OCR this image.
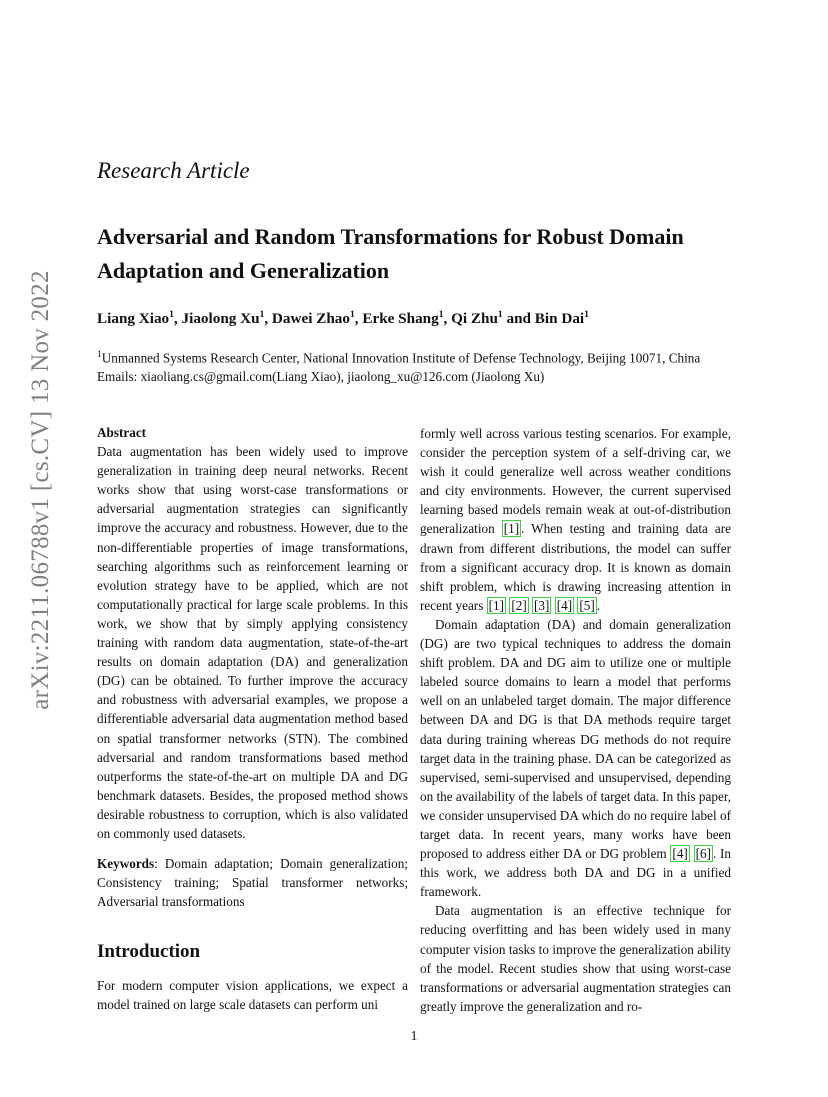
arXiv:2211.06788v1 [cs.CV] 13 Nov 2022
Research Article
Adversarial and Random Transformations for Robust Domain Adaptation and Generalization
Liang Xiao$^1$, Jiaolong Xu$^1$, Dawei Zhao$^1$, Erke Shang$^1$, Qi Zhu$^1$ and Bin Dai$^1$
$^1$Unmanned Systems Research Center, National Innovation Institute of Defense Technology, Beijing 10071, China
Emails: xiaoliang.cs@gmail.com(Liang Xiao), jiaolong_xu@126.com (Jiaolong Xu)
Abstract

Data augmentation has been widely used to improve generalization in training deep neural networks. Recent works show that using worst-case transformations or adversarial augmentation strategies can significantly improve the accuracy and robustness. However, due to the non-differentiable properties of image transformations, searching algorithms such as reinforcement learning or evolution strategy have to be applied, which are not computationally practical for large scale problems. In this work, we show that by simply applying consistency training with random data augmentation, state-of-the-art results on domain adaptation (DA) and generalization (DG) can be obtained. To further improve the accuracy and robustness with adversarial examples, we propose a differentiable adversarial data augmentation method based on spatial transformer networks (STN). The combined adversarial and random transformations based method outperforms the state-of-the-art on multiple DA and DG benchmark datasets. Besides, the proposed method shows desirable robustness to corruption, which is also validated on commonly used datasets.

Keywords: Domain adaptation; Domain generalization; Consistency training; Spatial transformer networks; Adversarial transformations

Introduction

For modern computer vision applications, we expect a model trained on large scale datasets can perform uni

formly well across various testing scenarios. For example, consider the perception system of a self-driving car, we wish it could generalize well across weather conditions and city environments. However, the current supervised learning based models remain weak at out-of-distribution generalization [1] . When testing and training data are drawn from different distributions, the model can suffer from a significant accuracy drop. It is known as domain shift problem, which is drawing increasing attention in recent years [1] [2] [3] [4] [5] .

Domain adaptation (DA) and domain generalization (DG) are two typical techniques to address the domain shift problem. DA and DG aim to utilize one or multiple labeled source domains to learn a model that performs well on an unlabeled target domain. The major difference between DA and DG is that DA methods require target data during training whereas DG methods do not require target data in the training phase. DA can be categorized as supervised, semi-supervised and unsupervised, depending on the availability of the labels of target data. In this paper, we consider unsupervised DA which do no require label of target data. In recent years, many works have been proposed to address either DA or DG problem [4] [6] . In this work, we address both DA and DG in a unified framework.

Data augmentation is an effective technique for reducing overfitting and has been widely used in many computer vision tasks to improve the generalization ability of the model. Recent studies show that using worst-case transformations or adversarial augmentation strategies can greatly improve the generalization and ro-

1
